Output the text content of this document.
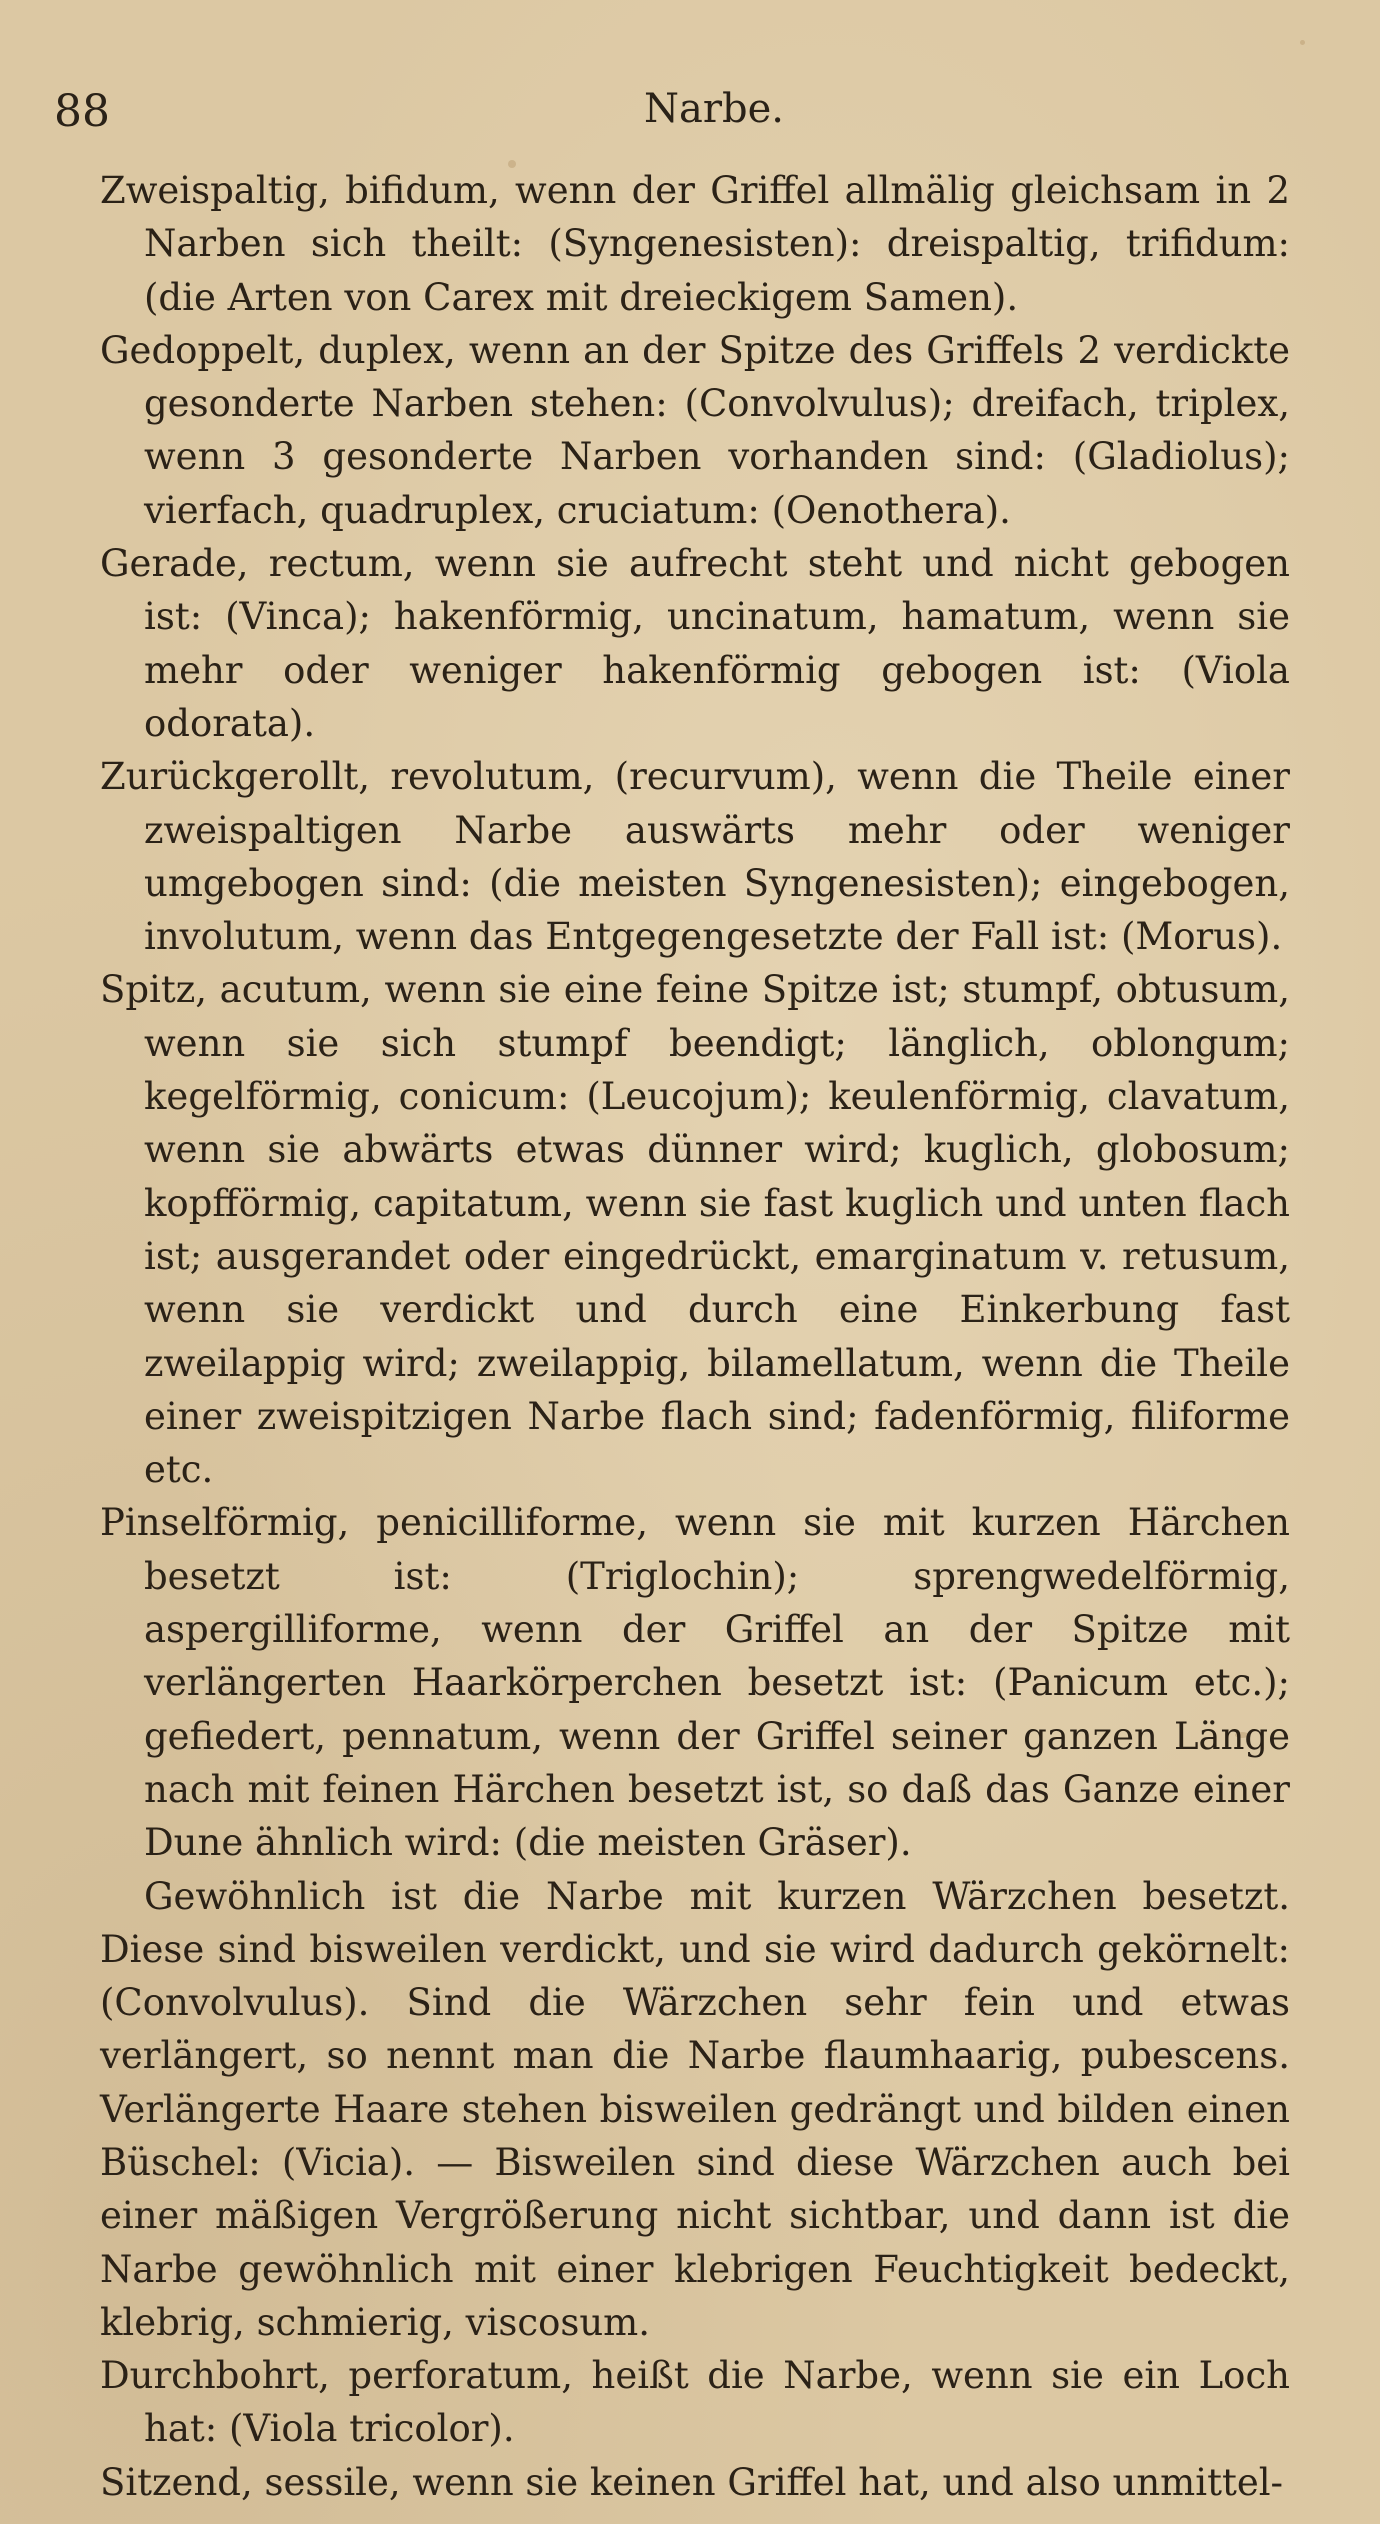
88	Narbe.

Zweispaltig, bifidum, wenn der Griffel allmälig gleichsam in 2 Narben sich theilt: (Syngenesisten): dreispaltig, trifidum: (die Arten von Carex mit dreieckigem Samen).

Gedoppelt, duplex, wenn an der Spitze des Griffels 2 verdickte gesonderte Narben stehen: (Convolvulus); dreifach, triplex, wenn 3 gesonderte Narben vorhanden sind: (Gladiolus); vierfach, quadruplex, cruciatum: (Oenothera).

Gerade, rectum, wenn sie aufrecht steht und nicht gebogen ist: (Vinca); hakenförmig, uncinatum, hamatum, wenn sie mehr oder weniger hakenförmig gebogen ist: (Viola odorata).

Zurückgerollt, revolutum, (recurvum), wenn die Theile einer zweispaltigen Narbe auswärts mehr oder weniger umgebogen sind: (die meisten Syngenesisten); eingebogen, involutum, wenn das Entgegengesetzte der Fall ist: (Morus).

Spitz, acutum, wenn sie eine feine Spitze ist; stumpf, obtusum, wenn sie sich stumpf beendigt; länglich, oblongum; kegelförmig, conicum: (Leucojum); keulenförmig, clavatum, wenn sie abwärts etwas dünner wird; kuglich, globosum; kopfförmig, capitatum, wenn sie fast kuglich und unten flach ist; ausgerandet oder eingedrückt, emarginatum v. retusum, wenn sie verdickt und durch eine Einkerbung fast zweilappig wird; zweilappig, bilamellatum, wenn die Theile einer zweispitzigen Narbe flach sind; fadenförmig, filiforme etc.

Pinselförmig, penicilliforme, wenn sie mit kurzen Härchen besetzt ist: (Triglochin); sprengwedelförmig, aspergilliforme, wenn der Griffel an der Spitze mit verlängerten Haarkörperchen besetzt ist: (Panicum etc.); gefiedert, pennatum, wenn der Griffel seiner ganzen Länge nach mit feinen Härchen besetzt ist, so daß das Ganze einer Dune ähnlich wird: (die meisten Gräser).

Gewöhnlich ist die Narbe mit kurzen Wärzchen besetzt. Diese sind bisweilen verdickt, und sie wird dadurch gekörnelt: (Convolvulus). Sind die Wärzchen sehr fein und etwas verlängert, so nennt man die Narbe flaumhaarig, pubescens. Verlängerte Haare stehen bisweilen gedrängt und bilden einen Büschel: (Vicia). — Bisweilen sind diese Wärzchen auch bei einer mäßigen Vergrößerung nicht sichtbar, und dann ist die Narbe gewöhnlich mit einer klebrigen Feuchtigkeit bedeckt, klebrig, schmierig, viscosum.

Durchbohrt, perforatum, heißt die Narbe, wenn sie ein Loch hat: (Viola tricolor).

Sitzend, sessile, wenn sie keinen Griffel hat, und also unmittel-
